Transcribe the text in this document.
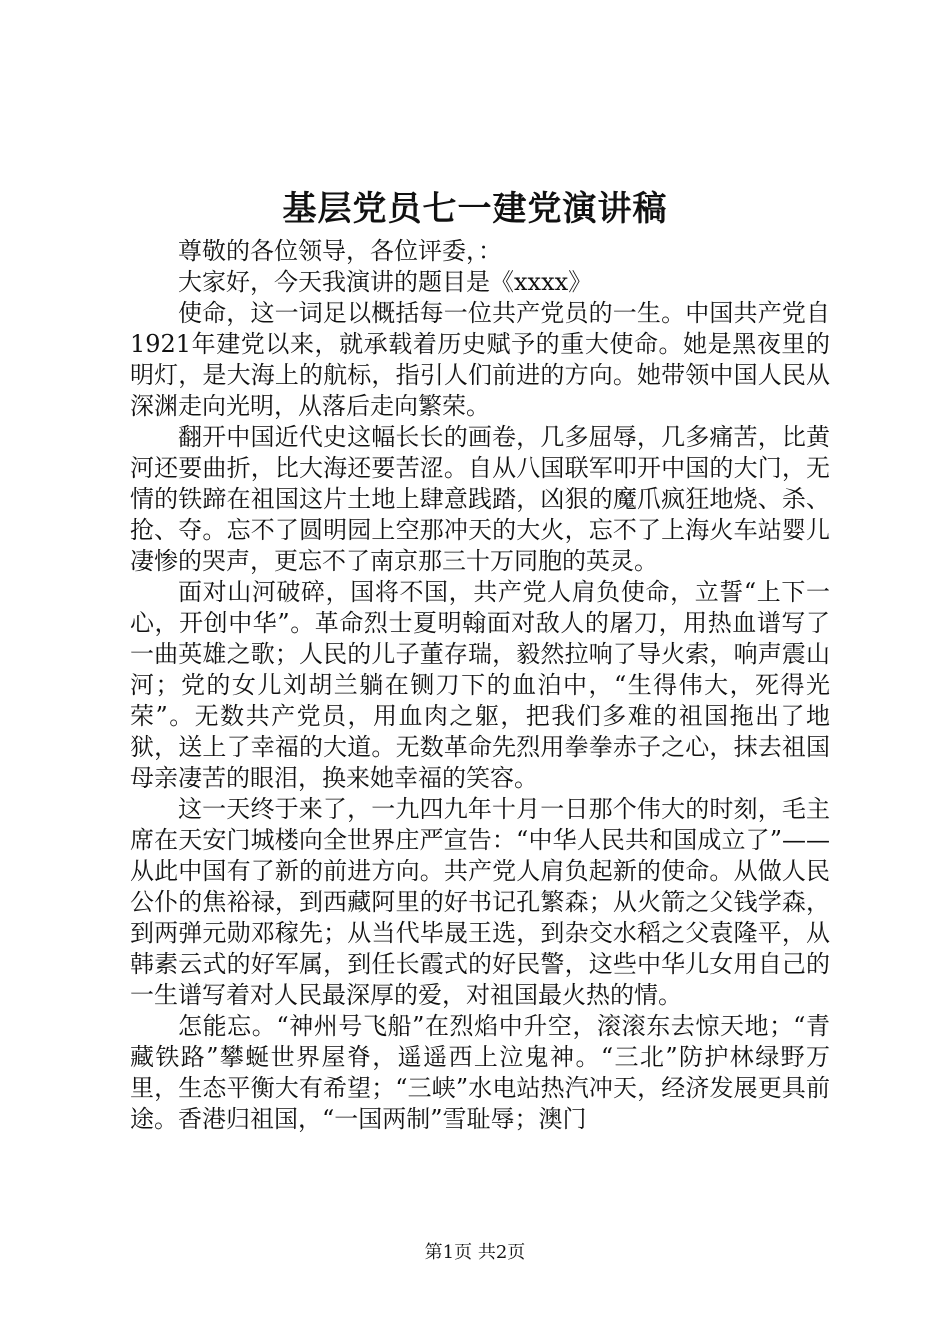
基层党员七一建党演讲稿

尊敬的各位领导，各位评委，：

大家好，今天我演讲的题目是《xxxx》

使命，这一词足以概括每一位共产党员的一生。中国共产党自1921年建党以来，就承载着历史赋予的重大使命。她是黑夜里的明灯，是大海上的航标，指引人们前进的方向。她带领中国人民从深渊走向光明，从落后走向繁荣。

翻开中国近代史这幅长长的画卷，几多屈辱，几多痛苦，比黄河还要曲折，比大海还要苦涩。自从八国联军叩开中国的大门，无情的铁蹄在祖国这片土地上肆意践踏，凶狠的魔爪疯狂地烧、杀、抢、夺。忘不了圆明园上空那冲天的大火，忘不了上海火车站婴儿凄惨的哭声，更忘不了南京那三十万同胞的英灵。

面对山河破碎，国将不国，共产党人肩负使命，立誓“上下一心，开创中华”。革命烈士夏明翰面对敌人的屠刀，用热血谱写了一曲英雄之歌；人民的儿子董存瑞，毅然拉响了导火索，响声震山河；党的女儿刘胡兰躺在铡刀下的血泊中，“生得伟大，死得光荣”。无数共产党员，用血肉之躯，把我们多难的祖国拖出了地狱，送上了幸福的大道。无数革命先烈用拳拳赤子之心，抹去祖国母亲凄苦的眼泪，换来她幸福的笑容。

这一天终于来了，一九四九年十月一日那个伟大的时刻，毛主席在天安门城楼向全世界庄严宣告：“中华人民共和国成立了”——从此中国有了新的前进方向。共产党人肩负起新的使命。从做人民公仆的焦裕禄，到西藏阿里的好书记孔繁森；从火箭之父钱学森，到两弹元勋邓稼先；从当代毕晟王选，到杂交水稻之父袁隆平，从韩素云式的好军属，到任长霞式的好民警，这些中华儿女用自己的一生谱写着对人民最深厚的爱，对祖国最火热的情。

怎能忘。“神州号飞船”在烈焰中升空，滚滚东去惊天地；“青藏铁路”攀蜒世界屋脊，遥遥西上泣鬼神。“三北”防护林绿野万里，生态平衡大有希望；“三峡”水电站热汽冲天，经济发展更具前途。香港归祖国，“一国两制”雪耻辱；澳门

第1页 共2页
